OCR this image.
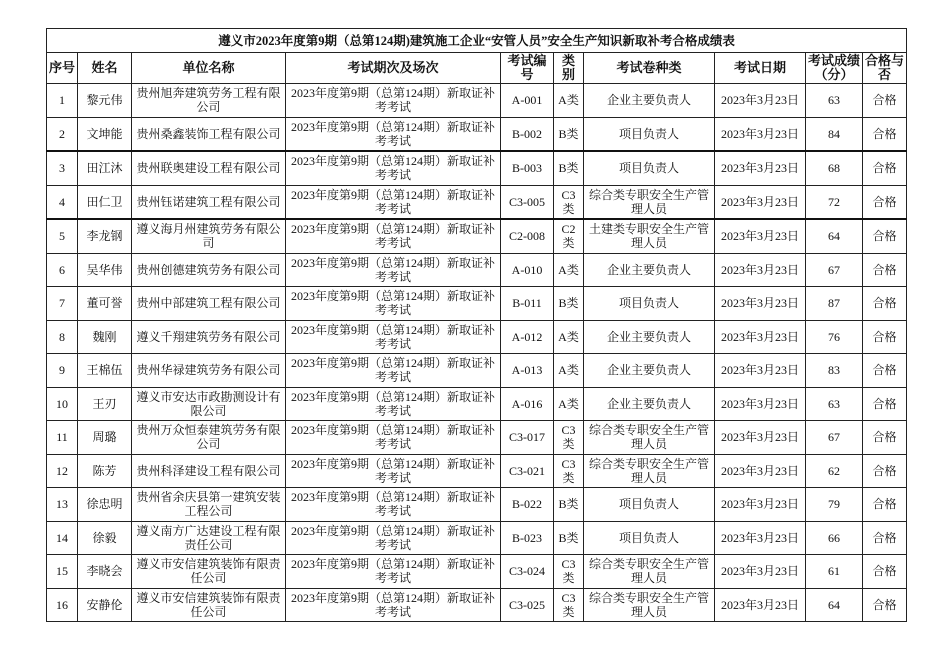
遵义市2023年度第9期（总第124期)建筑施工企业“安管人员”安全生产知识新取补考合格成绩表									
序号	姓名	单位名称	考试期次及场次	考试编号	类别	考试卷种类	考试日期	考试成绩（分）	合格与否
1	黎元伟	贵州旭奔建筑劳务工程有限公司	2023年度第9期（总第124期）新取证补考考试	A-001	A类	企业主要负责人	2023年3月23日	63	合格
2	文坤能	贵州桑鑫装饰工程有限公司	2023年度第9期（总第124期）新取证补考考试	B-002	B类	项目负责人	2023年3月23日	84	合格
3	田江沐	贵州联奥建设工程有限公司	2023年度第9期（总第124期）新取证补考考试	B-003	B类	项目负责人	2023年3月23日	68	合格
4	田仁卫	贵州钰诺建筑工程有限公司	2023年度第9期（总第124期）新取证补考考试	C3-005	C3类	综合类专职安全生产管理人员	2023年3月23日	72	合格
5	李龙钢	遵义海月州建筑劳务有限公司	2023年度第9期（总第124期）新取证补考考试	C2-008	C2类	土建类专职安全生产管理人员	2023年3月23日	64	合格
6	吴华伟	贵州创德建筑劳务有限公司	2023年度第9期（总第124期）新取证补考考试	A-010	A类	企业主要负责人	2023年3月23日	67	合格
7	董可誉	贵州中部建筑工程有限公司	2023年度第9期（总第124期）新取证补考考试	B-011	B类	项目负责人	2023年3月23日	87	合格
8	魏刚	遵义千翔建筑劳务有限公司	2023年度第9期（总第124期）新取证补考考试	A-012	A类	企业主要负责人	2023年3月23日	76	合格
9	王棉伍	贵州华禄建筑劳务有限公司	2023年度第9期（总第124期）新取证补考考试	A-013	A类	企业主要负责人	2023年3月23日	83	合格
10	王刃	遵义市安达市政勘测设计有限公司	2023年度第9期（总第124期）新取证补考考试	A-016	A类	企业主要负责人	2023年3月23日	63	合格
11	周璐	贵州万众恒泰建筑劳务有限公司	2023年度第9期（总第124期）新取证补考考试	C3-017	C3类	综合类专职安全生产管理人员	2023年3月23日	67	合格
12	陈芳	贵州科泽建设工程有限公司	2023年度第9期（总第124期）新取证补考考试	C3-021	C3类	综合类专职安全生产管理人员	2023年3月23日	62	合格
13	徐忠明	贵州省余庆县第一建筑安装工程公司	2023年度第9期（总第124期）新取证补考考试	B-022	B类	项目负责人	2023年3月23日	79	合格
14	徐毅	遵义南方广达建设工程有限责任公司	2023年度第9期（总第124期）新取证补考考试	B-023	B类	项目负责人	2023年3月23日	66	合格
15	李晓会	遵义市安信建筑装饰有限责任公司	2023年度第9期（总第124期）新取证补考考试	C3-024	C3类	综合类专职安全生产管理人员	2023年3月23日	61	合格
16	安静伦	遵义市安信建筑装饰有限责任公司	2023年度第9期（总第124期）新取证补考考试	C3-025	C3类	综合类专职安全生产管理人员	2023年3月23日	64	合格
